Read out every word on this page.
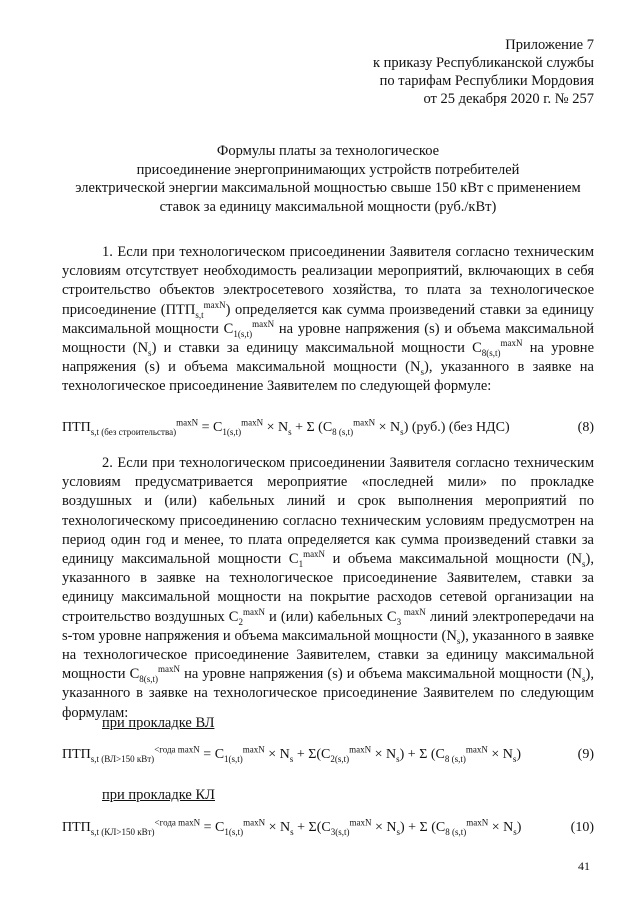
Приложение 7
к приказу Республиканской службы
по тарифам Республики Мордовия
от 25 декабря 2020 г. № 257
Формулы платы за технологическое
присоединение энергопринимающих устройств потребителей
электрической энергии максимальной мощностью свыше 150 кВт с применением
ставок за единицу максимальной мощности (руб./кВт)

1. Если при технологическом присоединении Заявителя согласно техническим условиям отсутствует необходимость реализации мероприятий, включающих в себя строительство объектов электросетевого хозяйства, то плата за технологическое присоединение $(ПТП_{s,t}^{maxN})$ определяется как сумма произведений ставки за единицу максимальной мощности $С_{1(s,t)}^{maxN}$ на уровне напряжения (s) и объема максимальной мощности $(N_s)$ и ставки за единицу максимальной мощности $С_{8(s,t)}^{maxN}$ на уровне напряжения (s) и объема максимальной мощности $(N_s)$, указанного в заявке на технологическое присоединение Заявителем по следующей формуле:

$ПТП_{s,t (без строительства)}^{maxN} = С_{1(s,t)}^{maxN} \times N_s + \Sigma$ $(С_{8 (s,t)}^{maxN} \times N_s)$ (руб.) (без НДС)	(8)

2. Если при технологическом присоединении Заявителя согласно техническим условиям предусматривается мероприятие «последней мили» по прокладке воздушных и (или) кабельных линий и срок выполнения мероприятий по технологическому присоединению согласно техническим условиям предусмотрен на период один год и менее, то плата определяется как сумма произведений ставки за единицу максимальной мощности $С_1^{maxN}$ и объема максимальной мощности $(N_s)$, указанного в заявке на технологическое присоединение Заявителем, ставки за единицу максимальной мощности на покрытие расходов сетевой организации на строительство воздушных $С_2^{maxN}$ и (или) кабельных $С_3$ $^{maxN}$ линий электропередачи на s-том уровне напряжения и объема максимальной мощности $(N_s)$, указанного в заявке на технологическое присоединение Заявителем, ставки за единицу максимальной мощности $С_{8(s,t)}^{maxN}$ на уровне напряжения (s) и объема максимальной мощности $(N_s)$, указанного в заявке на технологическое присоединение Заявителем по следующим формулам:

при прокладке ВЛ
$ПТП_{s,t (ВЛ>150 кВт)}^{<года maxN} = С_{1(s,t)}^{maxN} \times N_s + \Sigma(С_{2(s,t)}^{maxN} \times N_s) + \Sigma$ $(С_{8 (s,t)}^{maxN} \times N_s)$	(9)
при прокладке КЛ
$ПТП_{s,t (КЛ>150 кВт)}^{<года maxN} = С_{1(s,t)}^{maxN} \times N_s + \Sigma(С_{3(s,t)}^{maxN} \times N_s) + \Sigma$ $(С_{8 (s,t)}^{maxN} \times N_s)$	(10)
41
